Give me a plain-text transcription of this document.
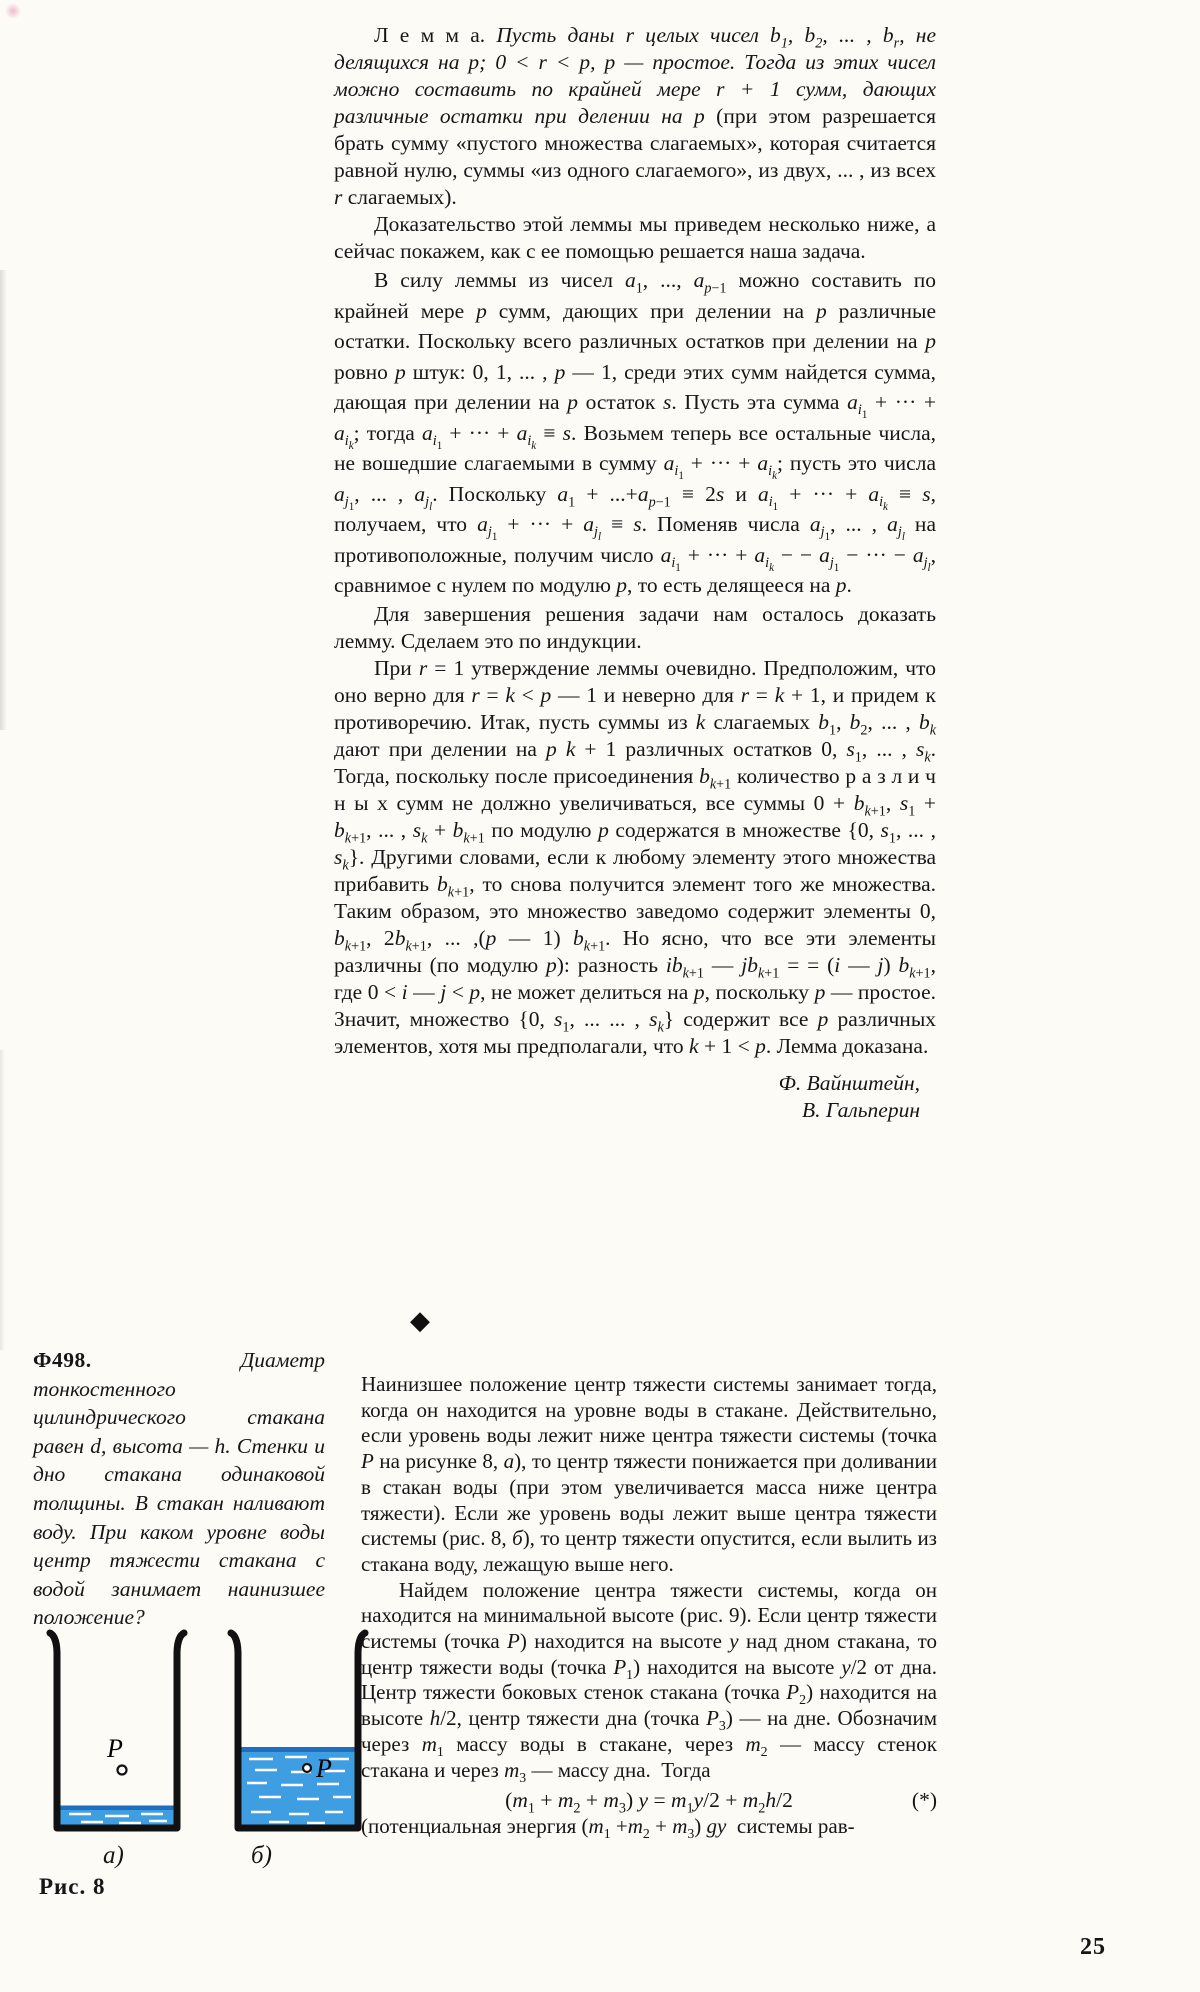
Л е м м а. Пусть даны r целых чисел $b_1$, $b_2$, ... , $b_r$, не делящихся на p; 0 < r < p, p — простое. Тогда из этих чисел можно составить по крайней мере r + 1 сумм, дающих различные остатки при делении на p (при этом разрешается брать сумму «пустого множества слагаемых», которая считается равной нулю, суммы «из одного слагаемого», из двух, ... , из всех r слагаемых).

Доказательство этой леммы мы приведем несколько ниже, а сейчас покажем, как с ее помощью решается наша задача.

В силу леммы из чисел $a_1$, ..., $a_{p-1}$ можно составить по крайней мере p сумм, дающих при делении на p различные остатки. Поскольку всего различных остатков при делении на p ровно p штук: 0, 1, ... , p — 1, среди этих сумм найдется сумма, дающая при делении на p остаток s. Пусть эта сумма $a_{i_1}$ + ··· + $a_{i_k}$; тогда $a_{i_1}$ + ··· + $a_{i_k} \equiv s$. Возьмем теперь все остальные числа, не вошедшие слагаемыми в сумму $a_{i_1}$ + ··· + $a_{i_k}$; пусть это числа $a_{j_1}$, ... , $a_{j_l}$. Поскольку $a_1 + ...+a_{p-1} \equiv 2s$ и $a_{i_1}$ + ··· + $a_{i_k} \equiv s$, получаем, что $a_{j_1}$ + ··· + $a_{j_l} \equiv s$. Поменяв числа $a_{j_1}$, ... , $a_{j_l}$ на противоположные, получим число $a_{i_1}$ + ··· + $a_{i_k}$ − − $a_{j_1}$ − ··· − $a_{j_l}$, сравнимое с нулем по модулю p, то есть делящееся на p.

Для завершения решения задачи нам осталось доказать лемму. Сделаем это по индукции.

При r = 1 утверждение леммы очевидно. Предположим, что оно верно для r = k < p — 1 и неверно для r = k + 1, и придем к противоречию. Итак, пусть суммы из k слагаемых $b_1$, $b_2$, ... , $b_k$ дают при делении на p k + 1 различных остатков 0, $s_1$, ... , $s_k$. Тогда, поскольку после присоединения $b_{k+1}$ количество р а з л и ч н ы х сумм не должно увеличиваться, все суммы $0 + b_{k+1}$, $s_1 + b_{k+1}$, ... , $s_k + b_{k+1}$ по модулю p содержатся в множестве {0, $s_1$, ... , $s_k$}. Другими словами, если к любому элементу этого множества прибавить $b_{k+1}$, то снова получится элемент того же множества. Таким образом, это множество заведомо содержит элементы 0, $b_{k+1}$, $2b_{k+1}$, ... ,(p — 1) $b_{k+1}$. Но ясно, что все эти элементы различны (по модулю p): разность $ib_{k+1}$ — $jb_{k+1}$ = = (i — j) $b_{k+1}$, где 0 < i — j < p, не может делиться на p, поскольку p — простое. Значит, множество {0, $s_1$, ... ... , $s_k$} содержит все p различных элементов, хотя мы предполагали, что k + 1 < p. Лемма доказана.

Ф. Вайнштейн,
В. Гальперин
◆
Ф498.	Диаметр тонкостенного цилиндрического стакана равен d, высота — h. Стенки и дно стакана одинаковой толщины. В стакан наливают воду. При каком уровне воды центр тяжести стакана с водой занимает наинизшее положение?
P
P
а)	б)
Рис. 8

Наинизшее положение центр тяжести системы занимает тогда, когда он находится на уровне воды в стакане. Действительно, если уровень воды лежит ниже центра тяжести системы (точка P на рисунке 8, а), то центр тяжести понижается при доливании в стакан воды (при этом увеличивается масса ниже центра тяжести). Если же уровень воды лежит выше центра тяжести системы (рис. 8, б), то центр тяжести опустится, если вылить из стакана воду, лежащую выше него.

Найдем положение центра тяжести системы, когда он находится на минимальной высоте (рис. 9). Если центр тяжести системы (точка P) находится на высоте y над дном стакана, то центр тяжести воды (точка $P_1$) находится на высоте y/2 от дна. Центр тяжести боковых стенок стакана (точка $P_2$) находится на высоте h/2, центр тяжести дна (точка $P_3$) — на дне. Обозначим через $m_1$ массу воды в стакане, через $m_2$ — массу стенок стакана и через $m_3$ — массу дна.  Тогда

$(m_1 + m_2 + m_3) y = m_1y/2 + m_2h/2$	(*)

(потенциальная энергия $(m_1 +m_2 + m_3)$ gy  системы рав-

25
